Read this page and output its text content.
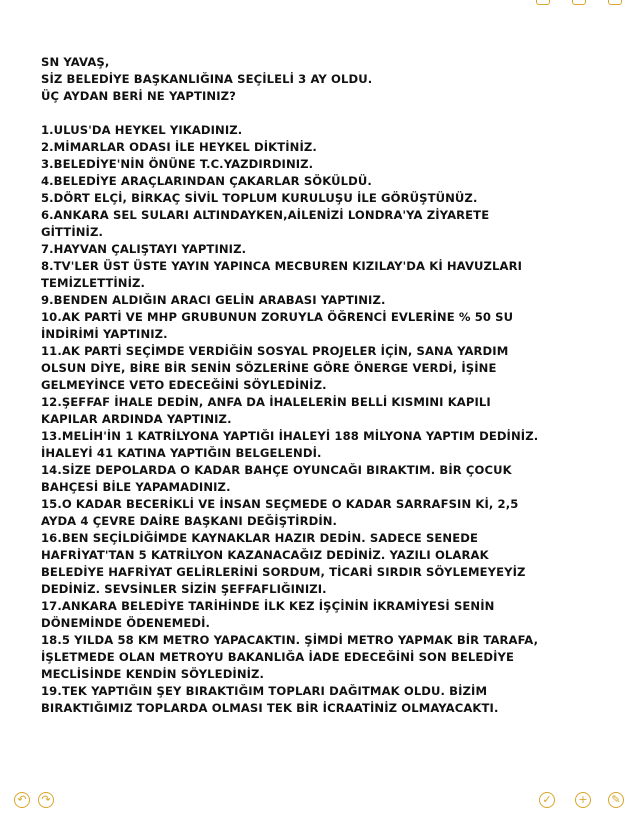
SN YAVAŞ,
SİZ BELEDİYE BAŞKANLIĞINA SEÇİLELİ 3 AY OLDU.
ÜÇ AYDAN BERİ NE YAPTINIZ?
1.ULUS'DA HEYKEL YIKADINIZ.
2.MİMARLAR ODASI İLE HEYKEL DİKTİNİZ.
3.BELEDİYE'NİN ÖNÜNE T.C.YAZDIRDINIZ.
4.BELEDİYE ARAÇLARINDAN ÇAKARLAR SÖKÜLDÜ.
5.DÖRT ELÇİ, BİRKAÇ SİVİL TOPLUM KURULUŞU İLE GÖRÜŞTÜNÜZ.
6.ANKARA SEL SULARI ALTINDAYKEN,AİLENİZİ LONDRA'YA ZİYARETE
GİTTİNİZ.
7.HAYVAN ÇALIŞTAYI YAPTINIZ.
8.TV'LER ÜST ÜSTE YAYIN YAPINCA MECBUREN KIZILAY'DA Kİ HAVUZLARI
TEMİZLETTİNİZ.
9.BENDEN ALDIĞIN ARACI GELİN ARABASI YAPTINIZ.
10.AK PARTİ VE MHP GRUBUNUN ZORUYLA ÖĞRENCİ EVLERİNE % 50 SU
İNDİRİMİ YAPTINIZ.
11.AK PARTİ SEÇİMDE VERDİĞİN SOSYAL PROJELER İÇİN, SANA YARDIM
OLSUN DİYE, BİRE BİR SENİN SÖZLERİNE GÖRE ÖNERGE VERDİ, İŞİNE
GELMEYİNCE VETO EDECEĞİNİ SÖYLEDİNİZ.
12.ŞEFFAF İHALE DEDİN, ANFA DA İHALELERİN BELLİ KISMINI KAPILI
KAPILAR ARDINDA YAPTINIZ.
13.MELİH'İN 1 KATRİLYONA YAPTIĞI İHALEYİ 188 MİLYONA YAPTIM DEDİNİZ.
İHALEYİ 41 KATINA YAPTIĞIN BELGELENDİ.
14.SİZE DEPOLARDA O KADAR BAHÇE OYUNCAĞI BIRAKTIM. BİR ÇOCUK
BAHÇESİ BİLE YAPAMADINIZ.
15.O KADAR BECERİKLİ VE İNSAN SEÇMEDE O KADAR SARRAFSIN Kİ, 2,5
AYDA 4 ÇEVRE DAİRE BAŞKANI DEĞİŞTİRDİN.
16.BEN SEÇİLDİĞİMDE KAYNAKLAR HAZIR DEDİN. SADECE SENEDE
HAFRİYAT'TAN 5 KATRİLYON KAZANACAĞIZ DEDİNİZ. YAZILI OLARAK
BELEDİYE HAFRİYAT GELİRLERİNİ SORDUM, TİCARİ SIRDIR SÖYLEMEYEYİZ
DEDİNİZ. SEVSİNLER SİZİN ŞEFFAFLIĞINIZI.
17.ANKARA BELEDİYE TARİHİNDE İLK KEZ İŞÇİNİN İKRAMİYESİ SENİN
DÖNEMİNDE ÖDENEMEDİ.
18.5 YILDA 58 KM METRO YAPACAKTIN. ŞİMDİ METRO YAPMAK BİR TARAFA,
İŞLETMEDE OLAN METROYU BAKANLIĞA İADE EDECEĞİNİ SON BELEDİYE
MECLİSİNDE KENDİN SÖYLEDİNİZ.
19.TEK YAPTIĞIN ŞEY BIRAKTIĞIM TOPLARI DAĞITMAK OLDU. BİZİM
BIRAKTIĞIMIZ TOPLARDA OLMASI TEK BİR İCRAATİNİZ OLMAYACAKTI.
↶	↷	✓	+	✎
